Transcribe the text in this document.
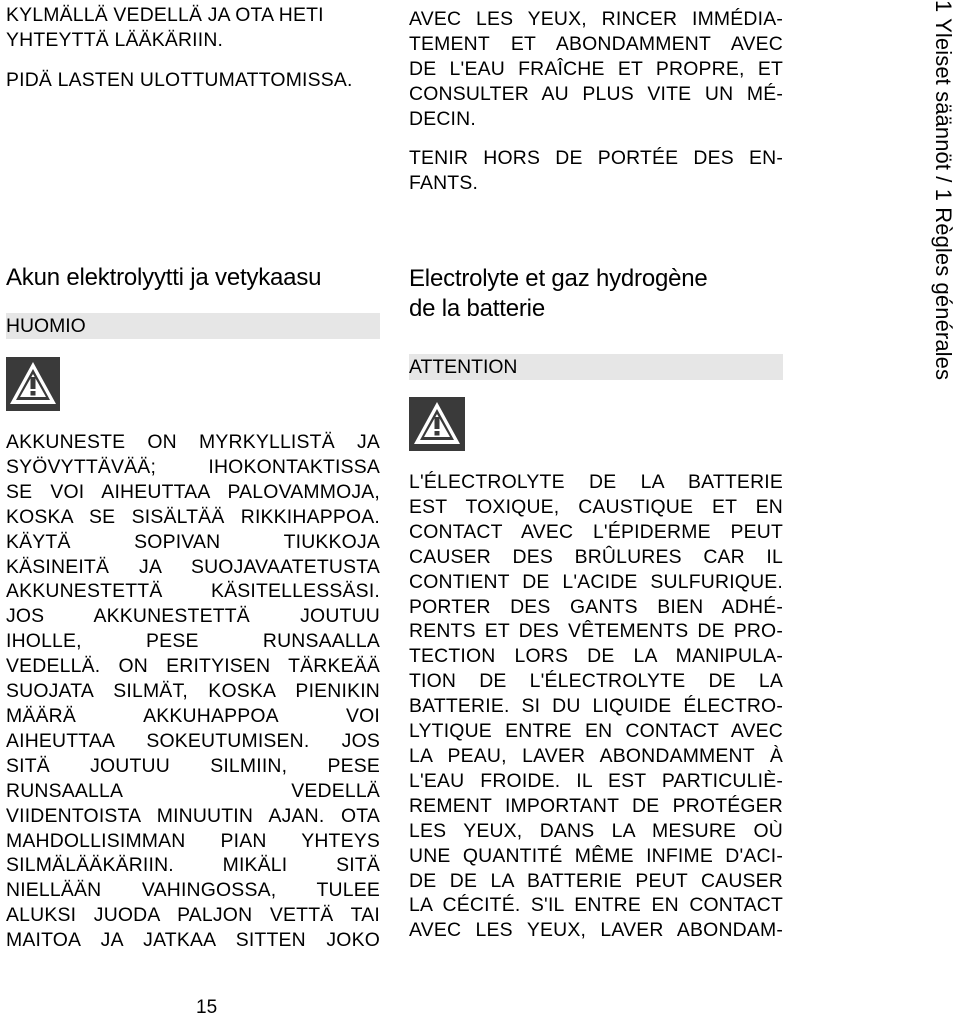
KYLMÄLLÄ VEDELLÄ JA OTA HETI
YHTEYTTÄ LÄÄKÄRIIN.
PIDÄ LASTEN ULOTTUMATTOMISSA.
Akun elektrolyytti ja vetykaasu
HUOMIO
AKKUNESTE ON MYRKYLLISTÄ JA
SYÖVYTTÄVÄÄ; IHOKONTAKTISSA
SE VOI AIHEUTTAA PALOVAMMOJA,
KOSKA SE SISÄLTÄÄ RIKKIHAPPOA.
KÄYTÄ SOPIVAN TIUKKOJA
KÄSINEITÄ JA SUOJAVAATETUSTA
AKKUNESTETTÄ KÄSITELLESSÄSI.
JOS AKKUNESTETTÄ JOUTUU
IHOLLE, PESE RUNSAALLA
VEDELLÄ. ON ERITYISEN TÄRKEÄÄ
SUOJATA SILMÄT, KOSKA PIENIKIN
MÄÄRÄ AKKUHAPPOA VOI
AIHEUTTAA SOKEUTUMISEN. JOS
SITÄ JOUTUU SILMIIN, PESE
RUNSAALLA VEDELLÄ
VIIDENTOISTA MINUUTIN AJAN. OTA
MAHDOLLISIMMAN PIAN YHTEYS
SILMÄLÄÄKÄRIIN. MIKÄLI SITÄ
NIELLÄÄN VAHINGOSSA, TULEE
ALUKSI JUODA PALJON VETTÄ TAI
MAITOA JA JATKAA SITTEN JOKO
AVEC LES YEUX, RINCER IMMÉDIA-
TEMENT ET ABONDAMMENT AVEC
DE L'EAU FRAÎCHE ET PROPRE, ET
CONSULTER AU PLUS VITE UN MÉ-
DECIN.
TENIR HORS DE PORTÉE DES EN-
FANTS.
Electrolyte et gaz hydrogène
de la batterie
ATTENTION
L'ÉLECTROLYTE DE LA BATTERIE
EST TOXIQUE, CAUSTIQUE ET EN
CONTACT AVEC L'ÉPIDERME PEUT
CAUSER DES BRÛLURES CAR IL
CONTIENT DE L'ACIDE SULFURIQUE.
PORTER DES GANTS BIEN ADHÉ-
RENTS ET DES VÊTEMENTS DE PRO-
TECTION LORS DE LA MANIPULA-
TION DE L'ÉLECTROLYTE DE LA
BATTERIE. SI DU LIQUIDE ÉLECTRO-
LYTIQUE ENTRE EN CONTACT AVEC
LA PEAU, LAVER ABONDAMMENT À
L'EAU FROIDE. IL EST PARTICULIÈ-
REMENT IMPORTANT DE PROTÉGER
LES YEUX, DANS LA MESURE OÙ
UNE QUANTITÉ MÊME INFIME D'ACI-
DE DE LA BATTERIE PEUT CAUSER
LA CÉCITÉ. S'IL ENTRE EN CONTACT
AVEC LES YEUX, LAVER ABONDAM-
1 Yleiset säännöt / 1 Règles générales
15
